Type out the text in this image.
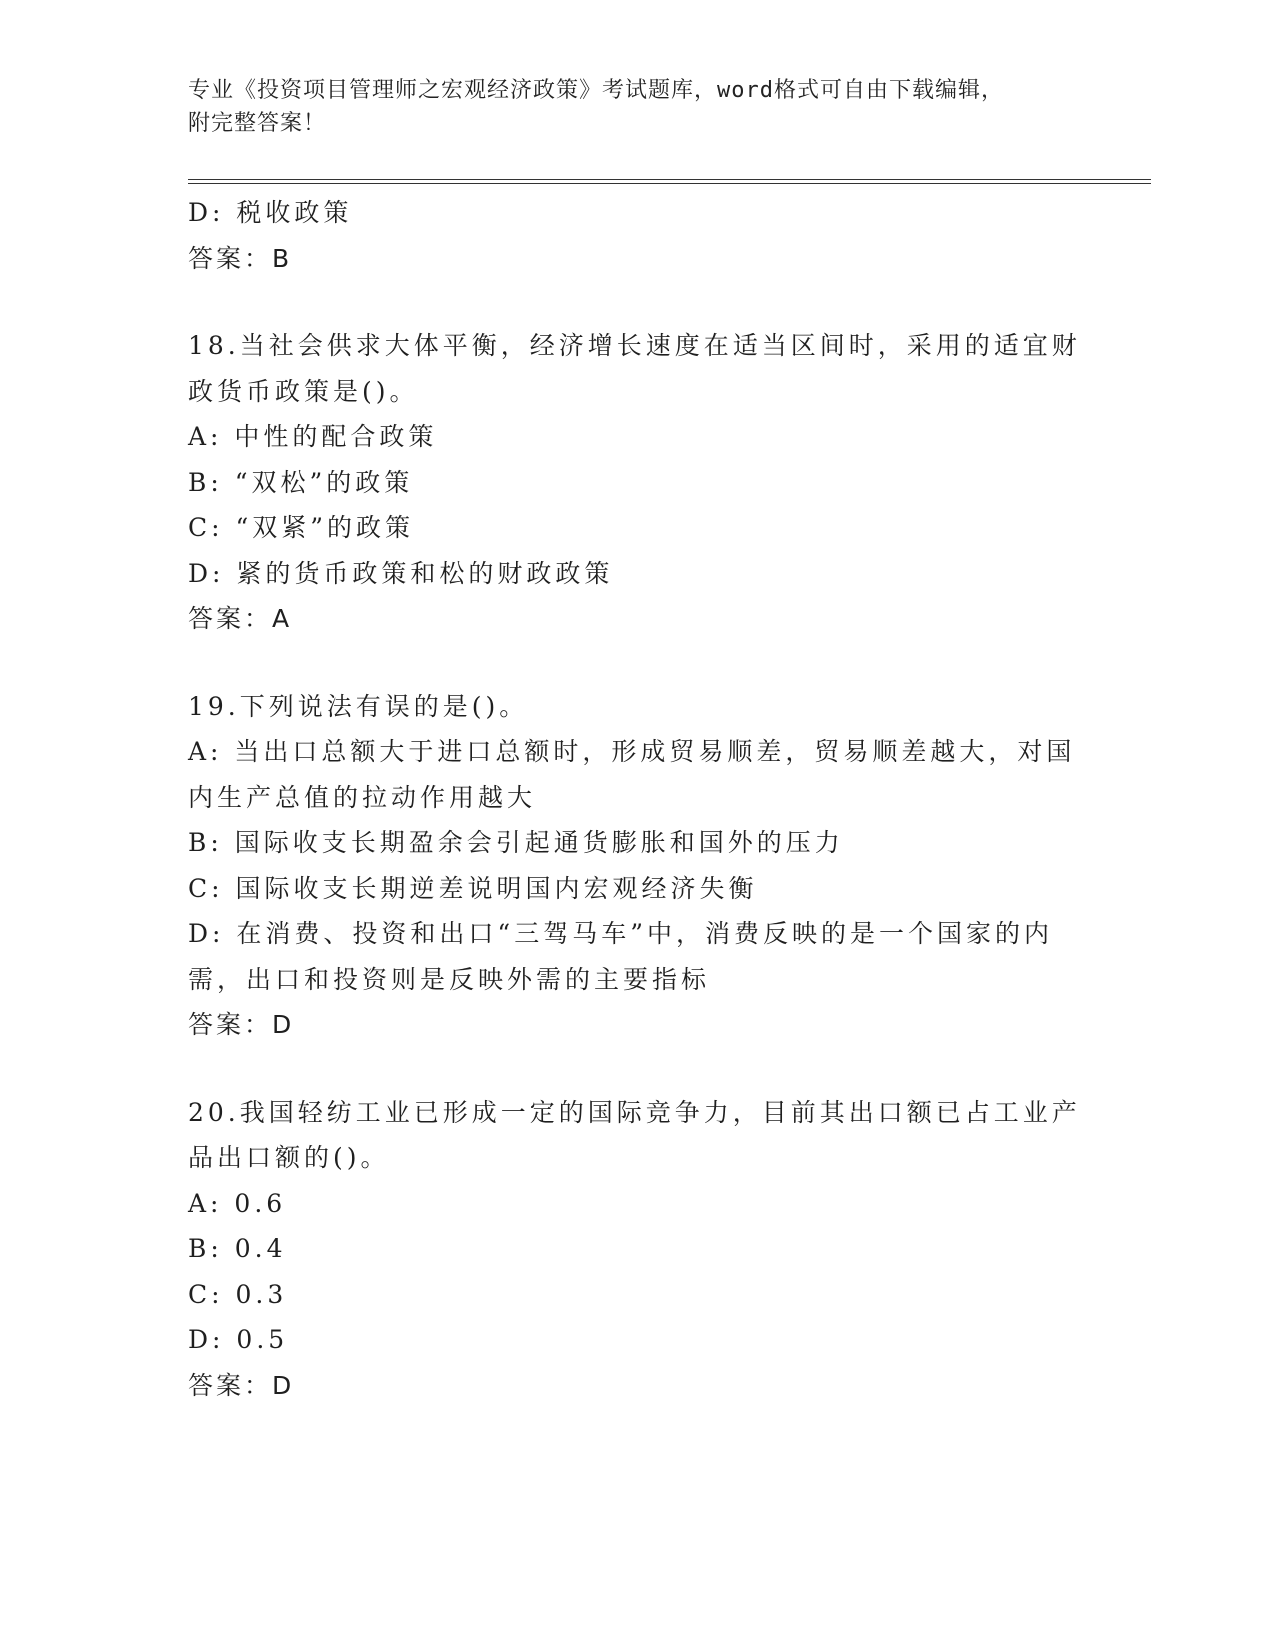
专业《投资项目管理师之宏观经济政策》考试题库，word格式可自由下载编辑，
附完整答案！
D: 税收政策
答案：B
18.当社会供求大体平衡，经济增长速度在适当区间时，采用的适宜财
政货币政策是()。
A: 中性的配合政策
B: “双松”的政策
C: “双紧”的政策
D: 紧的货币政策和松的财政政策
答案：A
19.下列说法有误的是()。
A: 当出口总额大于进口总额时，形成贸易顺差，贸易顺差越大，对国
内生产总值的拉动作用越大
B: 国际收支长期盈余会引起通货膨胀和国外的压力
C: 国际收支长期逆差说明国内宏观经济失衡
D: 在消费、投资和出口“三驾马车”中，消费反映的是一个国家的内
需，出口和投资则是反映外需的主要指标
答案：D
20.我国轻纺工业已形成一定的国际竞争力，目前其出口额已占工业产
品出口额的()。
A: 0.6
B: 0.4
C: 0.3
D: 0.5
答案：D
